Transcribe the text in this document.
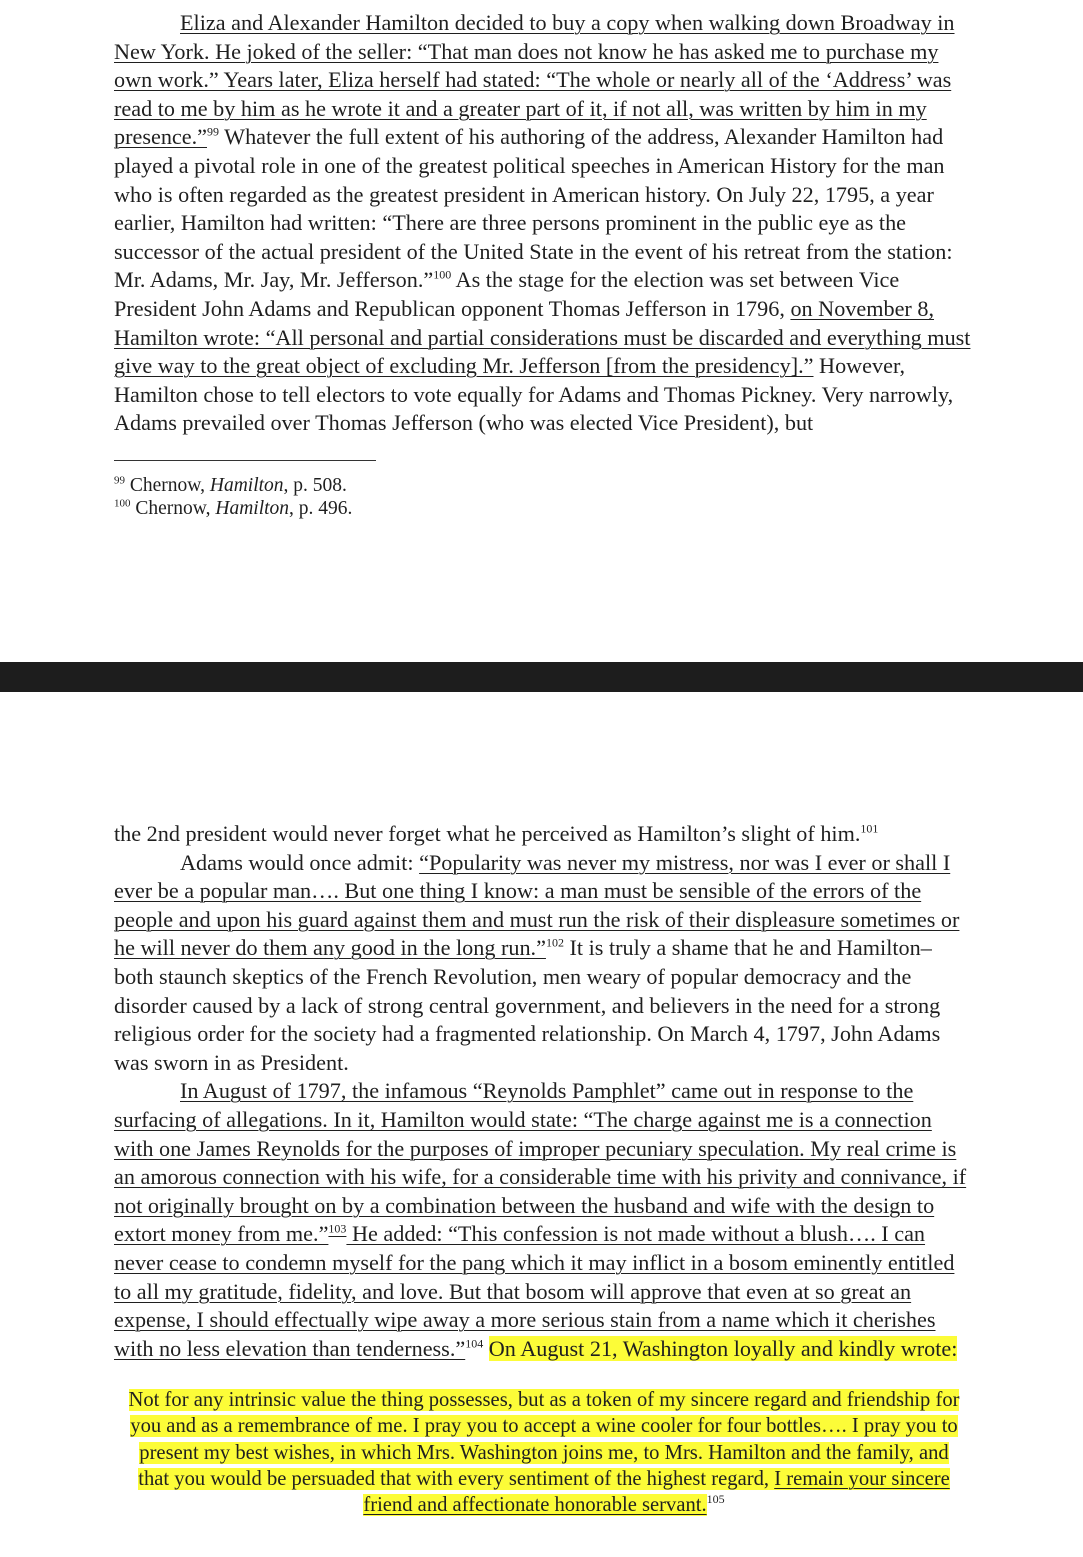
Eliza and Alexander Hamilton decided to buy a copy when walking down Broadway in New York. He joked of the seller: “That man does not know he has asked me to purchase my own work.” Years later, Eliza herself had stated: “The whole or nearly all of the ‘Address’ was read to me by him as he wrote it and a greater part of it, if not all, was written by him in my presence.”$^{99}$ Whatever the full extent of his authoring of the address, Alexander Hamilton had played a pivotal role in one of the greatest political speeches in American History for the man who is often regarded as the greatest president in American history. On July 22, 1795, a year earlier, Hamilton had written: “There are three persons prominent in the public eye as the successor of the actual president of the United State in the event of his retreat from the station: Mr. Adams, Mr. Jay, Mr. Jefferson.”$^{100}$ As the stage for the election was set between Vice President John Adams and Republican opponent Thomas Jefferson in 1796, on November 8, Hamilton wrote: “All personal and partial considerations must be discarded and everything must give way to the great object of excluding Mr. Jefferson [from the presidency].” However, Hamilton chose to tell electors to vote equally for Adams and Thomas Pickney. Very narrowly, Adams prevailed over Thomas Jefferson (who was elected Vice President), but

$^{99}$ Chernow, Hamilton, p. 508.

$^{100}$ Chernow, Hamilton, p. 496.

the 2nd president would never forget what he perceived as Hamilton’s slight of him.$^{101}$

Adams would once admit: “Popularity was never my mistress, nor was I ever or shall I ever be a popular man…. But one thing I know: a man must be sensible of the errors of the people and upon his guard against them and must run the risk of their displeasure sometimes or he will never do them any good in the long run.”$^{102}$ It is truly a shame that he and Hamilton– both staunch skeptics of the French Revolution, men weary of popular democracy and the disorder caused by a lack of strong central government, and believers in the need for a strong religious order for the society had a fragmented relationship. On March 4, 1797, John Adams was sworn in as President.

In August of 1797, the infamous “Reynolds Pamphlet” came out in response to the surfacing of allegations. In it, Hamilton would state: “The charge against me is a connection with one James Reynolds for the purposes of improper pecuniary speculation. My real crime is an amorous connection with his wife, for a considerable time with his privity and connivance, if not originally brought on by a combination between the husband and wife with the design to extort money from me.”$^{103}$ He added: “This confession is not made without a blush…. I can never cease to condemn myself for the pang which it may inflict in a bosom eminently entitled to all my gratitude, fidelity, and love. But that bosom will approve that even at so great an expense, I should effectually wipe away a more serious stain from a name which it cherishes with no less elevation than tenderness.”$^{104}$ On August 21, Washington loyally and kindly wrote:

Not for any intrinsic value the thing possesses, but as a token of my sincere regard and friendship for you and as a remembrance of me. I pray you to accept a wine cooler for four bottles…. I pray you to present my best wishes, in which Mrs. Washington joins me, to Mrs. Hamilton and the family, and that you would be persuaded that with every sentiment of the highest regard, I remain your sincere friend and affectionate honorable servant.$^{105}$
